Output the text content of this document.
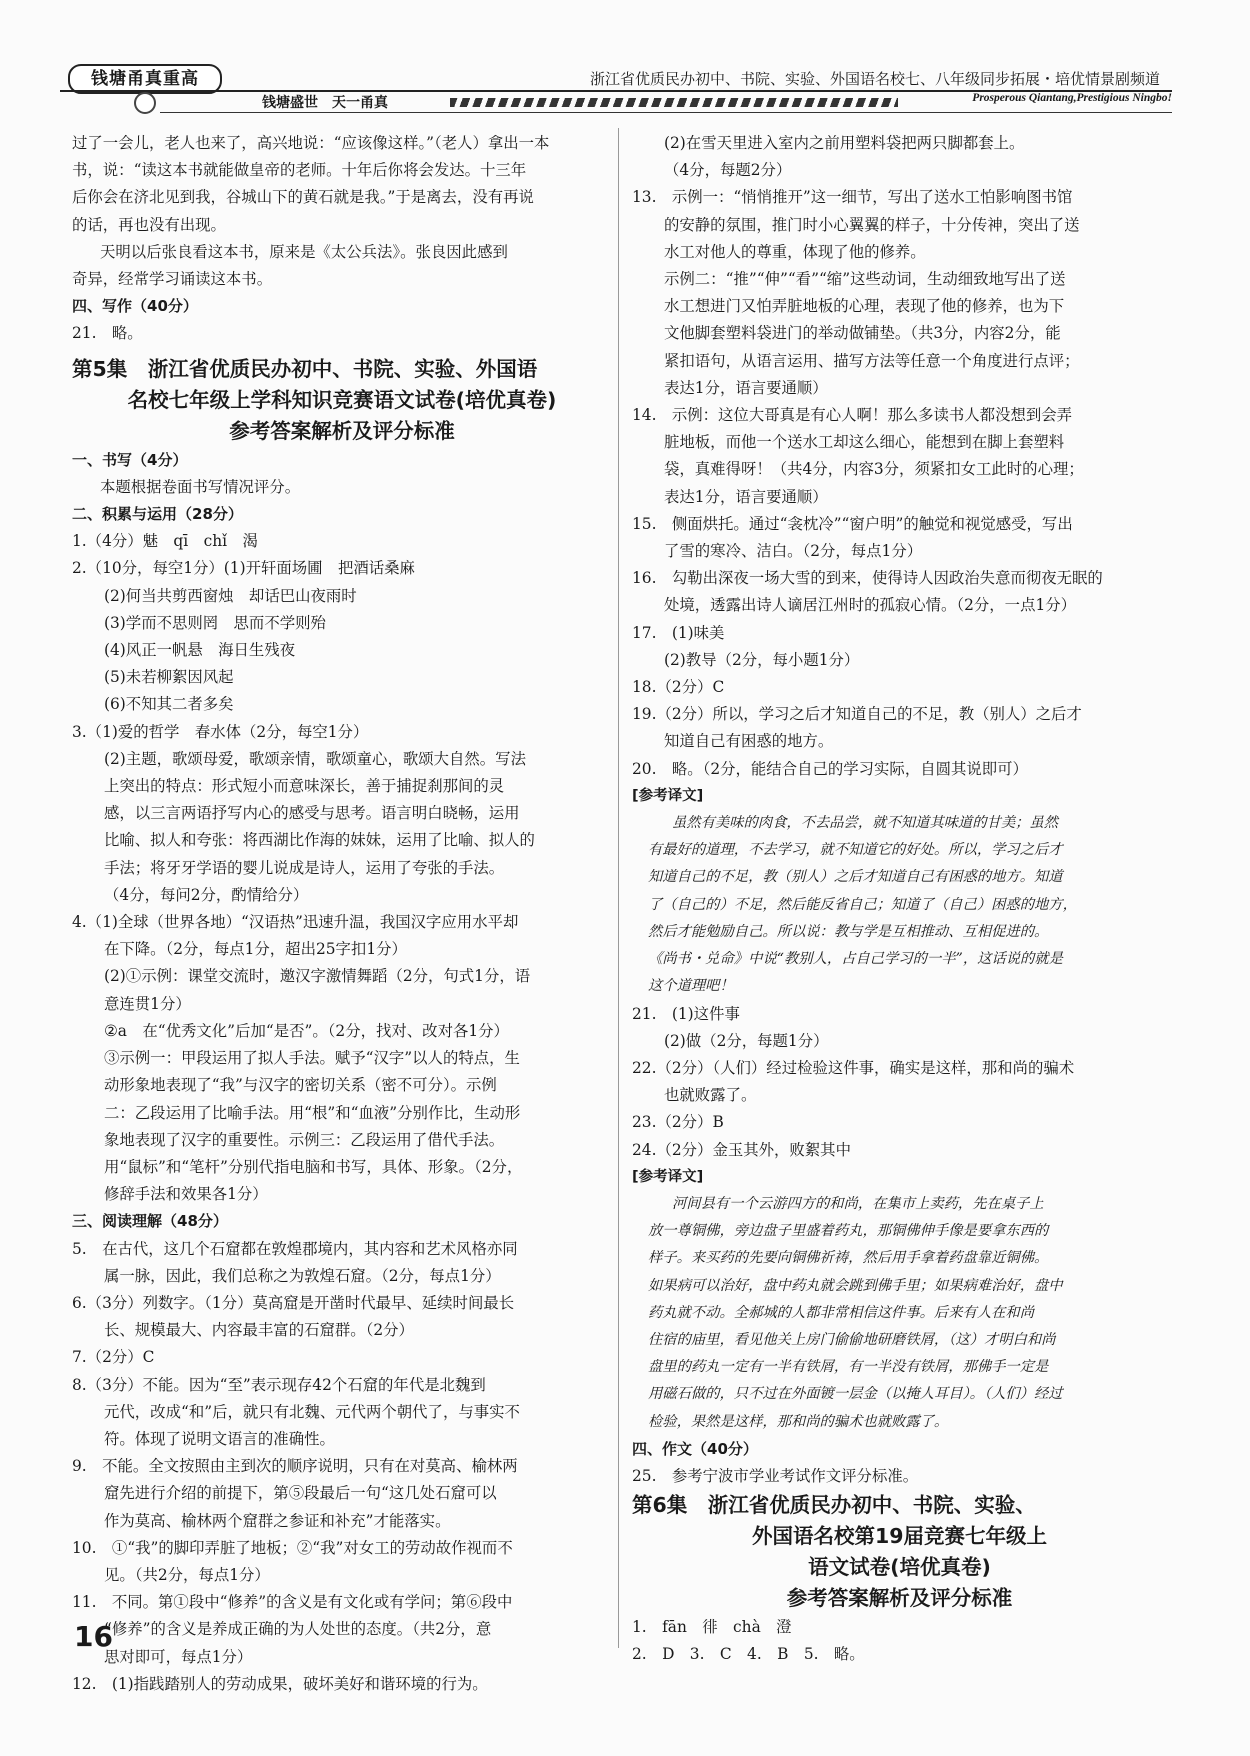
钱塘甬真重高
钱塘盛世　天一甬真
浙江省优质民办初中、书院、实验、外国语名校七、八年级同步拓展・培优情景剧频道
Prosperous Qiantang,Prestigious Ningbo!
过了一会儿，老人也来了，高兴地说：“应该像这样。”（老人）拿出一本
书，说：“读这本书就能做皇帝的老师。十年后你将会发达。十三年
后你会在济北见到我，谷城山下的黄石就是我。”于是离去，没有再说
的话，再也没有出现。
天明以后张良看这本书，原来是《太公兵法》。张良因此感到
奇异，经常学习诵读这本书。
四、写作（40分）
21.　略。
第5集　浙江省优质民办初中、书院、实验、外国语
名校七年级上学科知识竞赛语文试卷(培优真卷)
参考答案解析及评分标准
一、书写（4分）
本题根据卷面书写情况评分。
二、积累与运用（28分）
1.（4分）魅　qī　chǐ　渴
2.（10分，每空1分）(1)开轩面场圃　把酒话桑麻
(2)何当共剪西窗烛　却话巴山夜雨时
(3)学而不思则罔　思而不学则殆
(4)风正一帆悬　海日生残夜
(5)未若柳絮因风起
(6)不知其二者多矣
3.（1)爱的哲学　春水体（2分，每空1分）
(2)主题，歌颂母爱，歌颂亲情，歌颂童心，歌颂大自然。写法
上突出的特点：形式短小而意味深长，善于捕捉刹那间的灵
感，以三言两语抒写内心的感受与思考。语言明白晓畅，运用
比喻、拟人和夸张：将西湖比作海的妹妹，运用了比喻、拟人的
手法；将牙牙学语的婴儿说成是诗人，运用了夸张的手法。
（4分，每问2分，酌情给分）
4.（1)全球（世界各地）“汉语热”迅速升温，我国汉字应用水平却
在下降。（2分，每点1分，超出25字扣1分）
(2)①示例：课堂交流时，邀汉字激情舞蹈（2分，句式1分，语
意连贯1分）
②a　在“优秀文化”后加“是否”。（2分，找对、改对各1分）
③示例一：甲段运用了拟人手法。赋予“汉字”以人的特点，生
动形象地表现了“我”与汉字的密切关系（密不可分）。示例
二：乙段运用了比喻手法。用“根”和“血液”分别作比，生动形
象地表现了汉字的重要性。示例三：乙段运用了借代手法。
用“鼠标”和“笔杆”分别代指电脑和书写，具体、形象。（2分，
修辞手法和效果各1分）
三、阅读理解（48分）
5.　在古代，这几个石窟都在敦煌郡境内，其内容和艺术风格亦同
属一脉，因此，我们总称之为敦煌石窟。（2分，每点1分）
6.（3分）列数字。（1分）莫高窟是开凿时代最早、延续时间最长
长、规模最大、内容最丰富的石窟群。（2分）
7.（2分）C
8.（3分）不能。因为“至”表示现存42个石窟的年代是北魏到
元代，改成“和”后，就只有北魏、元代两个朝代了，与事实不
符。体现了说明文语言的准确性。
9.　不能。全文按照由主到次的顺序说明，只有在对莫高、榆林两
窟先进行介绍的前提下，第⑤段最后一句“这几处石窟可以
作为莫高、榆林两个窟群之参证和补充”才能落实。
10.　①“我”的脚印弄脏了地板；②“我”对女工的劳动故作视而不
见。（共2分，每点1分）
11.　不同。第①段中“修养”的含义是有文化或有学问；第⑥段中
“修养”的含义是养成正确的为人处世的态度。（共2分，意
思对即可，每点1分）
12.　(1)指践踏别人的劳动成果，破坏美好和谐环境的行为。
(2)在雪天里进入室内之前用塑料袋把两只脚都套上。
（4分，每题2分）
13.　示例一：“悄悄推开”这一细节，写出了送水工怕影响图书馆
的安静的氛围，推门时小心翼翼的样子，十分传神，突出了送
水工对他人的尊重，体现了他的修养。
示例二：“推”“伸”“看”“缩”这些动词，生动细致地写出了送
水工想进门又怕弄脏地板的心理，表现了他的修养，也为下
文他脚套塑料袋进门的举动做铺垫。（共3分，内容2分，能
紧扣语句，从语言运用、描写方法等任意一个角度进行点评；
表达1分，语言要通顺）
14.　示例：这位大哥真是有心人啊！那么多读书人都没想到会弄
脏地板，而他一个送水工却这么细心，能想到在脚上套塑料
袋，真难得呀！（共4分，内容3分，须紧扣女工此时的心理；
表达1分，语言要通顺）
15.　侧面烘托。通过“衾枕冷”“窗户明”的触觉和视觉感受，写出
了雪的寒冷、洁白。（2分，每点1分）
16.　勾勒出深夜一场大雪的到来，使得诗人因政治失意而彻夜无眠的
处境，透露出诗人谪居江州时的孤寂心情。（2分，一点1分）
17.　(1)味美
(2)教导（2分，每小题1分）
18.（2分）C
19.（2分）所以，学习之后才知道自己的不足，教（别人）之后才
知道自己有困惑的地方。
20.　略。（2分，能结合自己的学习实际，自圆其说即可）
[参考译文]
虽然有美味的肉食，不去品尝，就不知道其味道的甘美；虽然
有最好的道理，不去学习，就不知道它的好处。所以，学习之后才
知道自己的不足，教（别人）之后才知道自己有困惑的地方。知道
了（自己的）不足，然后能反省自己；知道了（自己）困惑的地方，
然后才能勉励自己。所以说：教与学是互相推动、互相促进的。
《尚书・兑命》中说“教别人，占自己学习的一半”，这话说的就是
这个道理吧！
21.　(1)这件事
(2)做（2分，每题1分）
22.（2分）（人们）经过检验这件事，确实是这样，那和尚的骗术
也就败露了。
23.（2分）B
24.（2分）金玉其外，败絮其中
[参考译文]
河间县有一个云游四方的和尚，在集市上卖药，先在桌子上
放一尊铜佛，旁边盘子里盛着药丸，那铜佛伸手像是要拿东西的
样子。来买药的先要向铜佛祈祷，然后用手拿着药盘靠近铜佛。
如果病可以治好，盘中药丸就会跳到佛手里；如果病难治好，盘中
药丸就不动。全郝城的人都非常相信这件事。后来有人在和尚
住宿的庙里，看见他关上房门偷偷地研磨铁屑，（这）才明白和尚
盘里的药丸一定有一半有铁屑，有一半没有铁屑，那佛手一定是
用磁石做的，只不过在外面镀一层金（以掩人耳目）。（人们）经过
检验，果然是这样，那和尚的骗术也就败露了。
四、作文（40分）
25.　参考宁波市学业考试作文评分标准。
第6集　浙江省优质民办初中、书院、实验、
外国语名校第19届竞赛七年级上
语文试卷(培优真卷)
参考答案解析及评分标准
1.　fān　徘　chà　澄
2.　D　3.　C　4.　B　5.　略。
16
